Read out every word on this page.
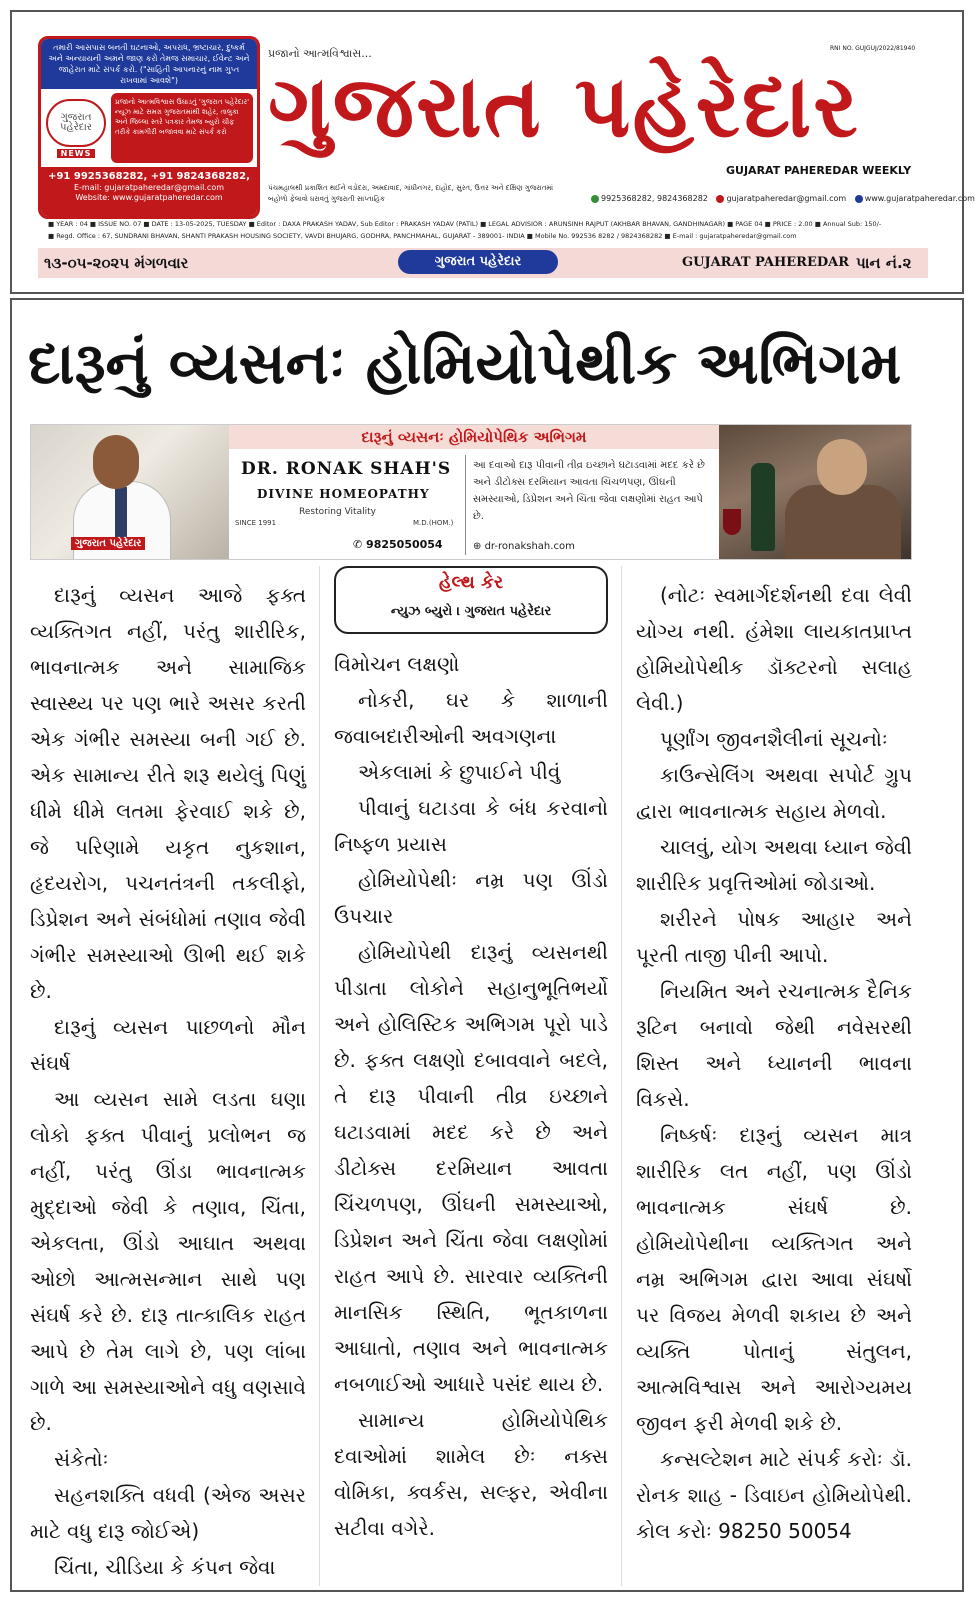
તમારી આસપાસ બનતી ઘટનાઓ, અપરાધ, ભ્રષ્ટાચાર, દુષ્કર્મ અને અન્યાયની અમને જાણ કરો તેમજ સમાચાર, ઈવેન્ટ અને જાહેરાત માટે સંપર્ક કરો. ("સાહિતી આપનારનું નામ ગુપ્ત રાખવામાં આવશે")
ગુજરાત પહેરેદાર
NEWS
પ્રજાનો આત્મવિશ્વાસ ઉઘાડતું 'ગુજરાત પહેરેદાર' ન્યૂઝ માટે સમગ્ર ગુજરાતમાંથી શહેર, તાલુકા અને જિલ્લા સ્તરે પત્રકાર તેમજ બ્યુરો ચીફ તરીકે કામગીરી બજાવવા માટે સંપર્ક કરો
+91 9925368282, +91 9824368282,
E-mail: gujaratpaheredar@gmail.com
Website: www.gujaratpaheredar.com
પ્રજાનો આત્મવિશ્વાસ...	RNI NO. GUJGUJ/2022/81940
ગુજરાત પહેરેદાર
GUJARAT PAHEREDAR WEEKLY
પંચમહાલથી પ્રકાશિત થઈને વડોદરા, અમદાવાદ, ગાંધીનગર, દાહોદ, સુરત, ઉત્તર અને દક્ષિણ ગુજરાતમાં બહોળો ફેલાવો ધરાવતું ગુજરાતી સાપ્તાહિક	9925368282, 9824368282 gujaratpaheredar@gmail.com www.gujaratpaheredar.com
■ YEAR : 04 ■ ISSUE NO. 07 ■ DATE : 13-05-2025, TUESDAY ■ Editor : DAXA PRAKASH YADAV, Sub Editor : PRAKASH YADAV (PATIL) ■ LEGAL ADVISIOR : ARUNSINH RAJPUT (AKHBAR BHAVAN, GANDHINAGAR) ■ PAGE 04 ■ PRICE : 2.00 ■ Annual Sub: 150/-
■ Regd. Office : 67, SUNDRANI BHAVAN, SHANTI PRAKASH HOUSING SOCIETY, VAVDI BHUJARG, GODHRA, PANCHMAHAL, GUJARAT - 389001- INDIA ■ Mobile No. 992536 8282 / 9824368282 ■ E-mail : gujaratpaheredar@gmail.com
૧૩-૦૫-૨૦૨૫ મંગળવાર	ગુજરાત પહેરેદાર	GUJARAT PAHEREDAR પાન નં.૨
દારૂનું વ્યસનઃ હોમિયોપેથીક અભિગમ
ગુજરાત પહેરેદાર
દારૂનું વ્યસનઃ હોમિયોપેથિક અભિગમ
DR. RONAK SHAH'S
DIVINE HOMEOPATHY
Restoring Vitality
SINCE 1991	M.D.(HOM.)
✆ 9825050054
આ દવાઓ દારૂ પીવાની તીવ્ર ઇચ્છાને ઘટાડવામાં મદદ કરે છે અને ડીટોક્સ દરમિયાન આવતા ચિંચળપણ, ઊંઘની સમસ્યાઓ, ડિપ્રેશન અને ચિંતા જેવા લક્ષણોમાં રાહત આપે છે.
⊕ dr-ronakshah.com
હેલ્થ કેર
ન્યુઝ બ્યુરો । ગુજરાત પહેરેદાર

દારૂનું વ્યસન આજે ફક્ત વ્યક્તિગત નહીં, પરંતુ શારીરિક, ભાવનાત્મક અને સામાજિક સ્વાસ્થ્ય પર પણ ભારે અસર કરતી એક ગંભીર સમસ્યા બની ગઈ છે. એક સામાન્ય રીતે શરૂ થયેલું પિણું ધીમે ધીમે લતમા ફેરવાઈ શકે છે, જે પરિણામે યકૃત નુકશાન, હૃદયરોગ, પચનતંત્રની તકલીફો, ડિપ્રેશન અને સંબંધોમાં તણાવ જેવી ગંભીર સમસ્યાઓ ઊભી થઈ શકે છે.

દારૂનું વ્યસન પાછળનો મૌન સંઘર્ષ

આ વ્યસન સામે લડતા ઘણા લોકો ફક્ત પીવાનું પ્રલોભન જ નહીં, પરંતુ ઊંડા ભાવનાત્મક મુદ્દાઓ જેવી કે તણાવ, ચિંતા, એકલતા, ઊંડો આઘાત અથવા ઓછો આત્મસન્માન સાથે પણ સંઘર્ષ કરે છે. દારૂ તાત્કાલિક રાહત આપે છે તેમ લાગે છે, પણ લાંબા ગાળે આ સમસ્યાઓને વધુ વણસાવે છે.

સંકેતોઃ

સહનશક્તિ વધવી (એજ અસર માટે વધુ દારૂ જોઈએ)

ચિંતા, ચીડિયા કે કંપન જેવા

વિમોચન લક્ષણો

નોકરી, ઘર કે શાળાની જવાબદારીઓની અવગણના

એકલામાં કે છુપાઈને પીવું

પીવાનું ઘટાડવા કે બંધ કરવાનો નિષ્ફળ પ્રયાસ

હોમિયોપેથીઃ નમ્ર પણ ઊંડો ઉપચાર

હોમિયોપેથી દારૂનું વ્યસનથી પીડાતા લોકોને સહાનુભૂતિભર્યો અને હોલિસ્ટિક અભિગમ પૂરો પાડે છે. ફક્ત લક્ષણો દબાવવાને બદલે, તે દારૂ પીવાની તીવ્ર ઇચ્છાને ઘટાડવામાં મદદ કરે છે અને ડીટોક્સ દરમિયાન આવતા ચિંચળપણ, ઊંઘની સમસ્યાઓ, ડિપ્રેશન અને ચિંતા જેવા લક્ષણોમાં રાહત આપે છે. સારવાર વ્યક્તિની માનસિક સ્થિતિ, ભૂતકાળના આઘાતો, તણાવ અને ભાવનાત્મક નબળાઈઓ આધારે પસંદ થાય છે.

સામાન્ય હોમિયોપેથિક દવાઓમાં શામેલ છેઃ નક્સ વોમિકા, ક્વર્કસ, સલ્ફર, એવીના સટીવા વગેરે.

(નોટઃ સ્વમાર્ગદર્શનથી દવા લેવી યોગ્ય નથી. હંમેશા લાયકાતપ્રાપ્ત હોમિયોપેથીક ડૉક્ટરનો સલાહ લેવી.)

પૂર્ણાંગ જીવનશૈલીનાં સૂચનોઃ

કાઉન્સેલિંગ અથવા સપોર્ટ ગ્રુપ દ્વારા ભાવનાત્મક સહાય મેળવો.

ચાલવું, યોગ અથવા ધ્યાન જેવી શારીરિક પ્રવૃત્તિઓમાં જોડાઓ.

શરીરને પોષક આહાર અને પૂરતી તાજી પીની આપો.

નિયમિત અને રચનાત્મક દૈનિક રૂટિન બનાવો જેથી નવેસરથી શિસ્ત અને ધ્યાનની ભાવના વિકસે.

નિષ્કર્ષઃ દારૂનું વ્યસન માત્ર શારીરિક લત નહીં, પણ ઊંડો ભાવનાત્મક સંઘર્ષ છે. હોમિયોપેથીના વ્યક્તિગત અને નમ્ર અભિગમ દ્વારા આવા સંઘર્ષો પર વિજય મેળવી શકાય છે અને વ્યક્તિ પોતાનું સંતુલન, આત્મવિશ્વાસ અને આરોગ્યમય જીવન ફરી મેળવી શકે છે.

કન્સલ્ટેશન માટે સંપર્ક કરોઃ ડૉ. રોનક શાહ - ડિવાઇન હોમિયોપેથી. કોલ કરોઃ 98250 50054
